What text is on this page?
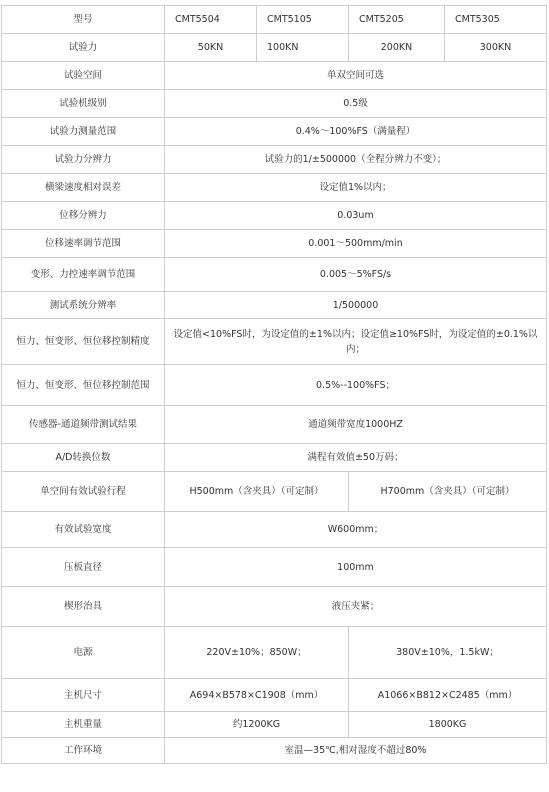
型号	CMT5504	CMT5105	CMT5205	CMT5305
试验力	50KN	100KN	200KN	300KN
试验空间	单双空间可选			
试验机级别	0.5级			
试验力测量范围	0.4%～100%FS（满量程）			
试验力分辨力	试验力的1/±500000（全程分辨力不变）；			
横梁速度相对误差	设定值1%以内；			
位移分辨力	0.03um			
位移速率调节范围	0.001～500mm/min			
变形、力控速率调节范围	0.005～5%FS/s			
测试系统分辨率	1/500000			
恒力、恒变形、恒位移控制精度	设定值<10%FS时，为设定值的±1%以内；设定值≥10%FS时，为设定值的±0.1%以内；			
恒力、恒变形、恒位移控制范围	0.5%--100%FS；			
传感器-通道频带测试结果	通道频带宽度1000HZ			
A/D转换位数	满程有效值±50万码；			
单空间有效试验行程	H500mm（含夹具）（可定制）		H700mm（含夹具）（可定制）	
有效试验宽度	W600mm；			
压板直径	100mm			
楔形治具	液压夹紧；			
电源	220V±10%；850W；		380V±10%，1.5kW；	
主机尺寸	A694×B578×C1908（mm）		A1066×B812×C2485（mm）	
主机重量	约1200KG		1800KG	
工作环境	室温—35℃,相对湿度不超过80%			
